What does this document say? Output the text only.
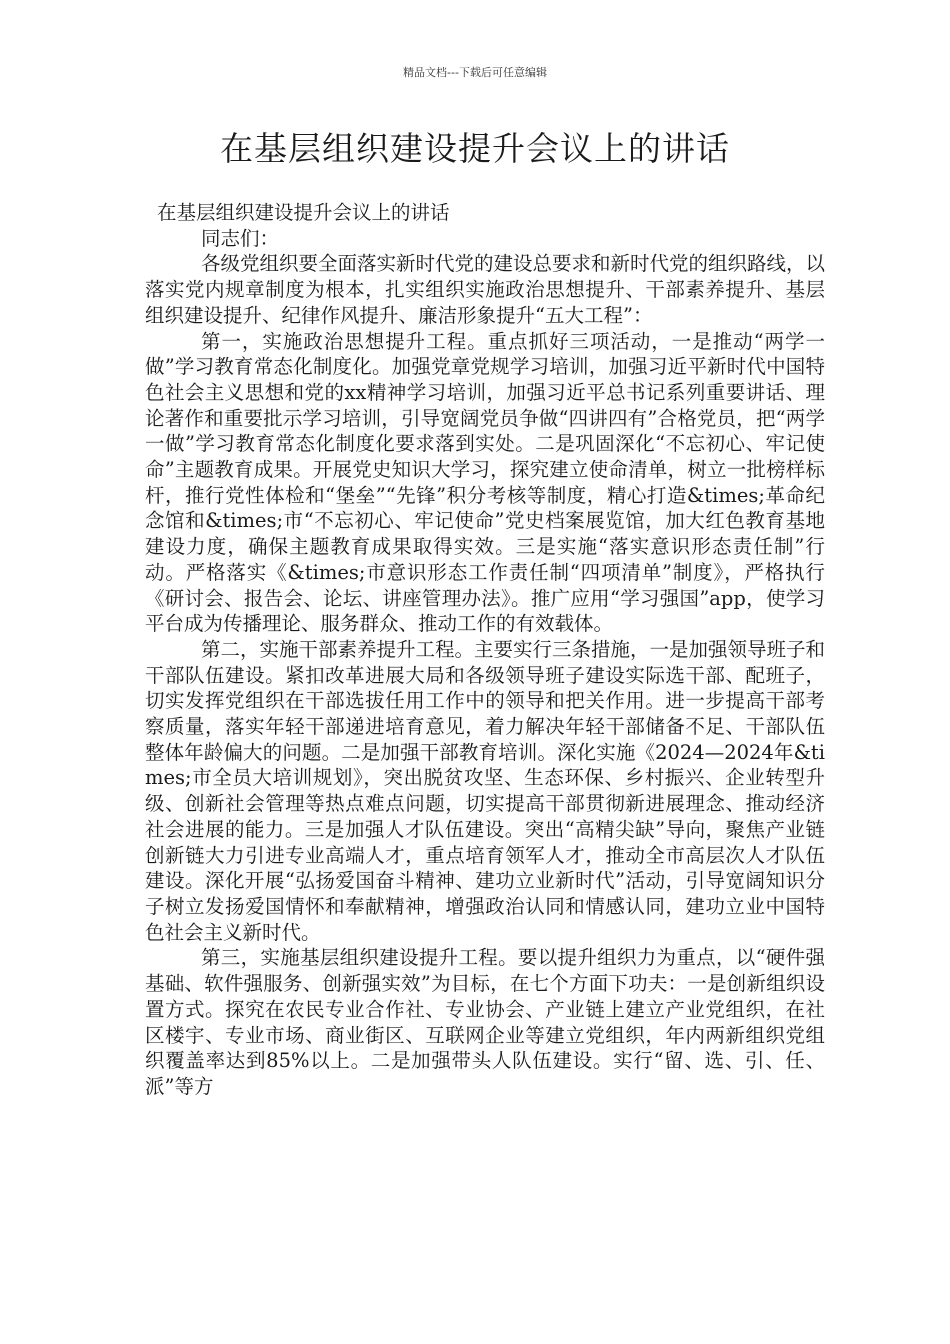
精品文档---下载后可任意编辑
在基层组织建设提升会议上的讲话

在基层组织建设提升会议上的讲话

同志们：

各级党组织要全面落实新时代党的建设总要求和新时代党的组织路线，以落实党内规章制度为根本，扎实组织实施政治思想提升、干部素养提升、基层组织建设提升、纪律作风提升、廉洁形象提升“五大工程”：

第一，实施政治思想提升工程。重点抓好三项活动，一是推动“两学一做”学习教育常态化制度化。加强党章党规学习培训，加强习近平新时代中国特色社会主义思想和党的xx精神学习培训，加强习近平总书记系列重要讲话、理论著作和重要批示学习培训，引导宽阔党员争做“四讲四有”合格党员，把“两学一做”学习教育常态化制度化要求落到实处。二是巩固深化“不忘初心、牢记使命”主题教育成果。开展党史知识大学习，探究建立使命清单，树立一批榜样标杆，推行党性体检和“堡垒”“先锋”积分考核等制度，精心打造&times;革命纪念馆和&times;市“不忘初心、牢记使命”党史档案展览馆，加大红色教育基地建设力度，确保主题教育成果取得实效。三是实施“落实意识形态责任制”行动。严格落实《&times;市意识形态工作责任制“四项清单”制度》，严格执行《研讨会、报告会、论坛、讲座管理办法》。推广应用“学习强国”app，使学习平台成为传播理论、服务群众、推动工作的有效载体。

第二，实施干部素养提升工程。主要实行三条措施，一是加强领导班子和干部队伍建设。紧扣改革进展大局和各级领导班子建设实际选干部、配班子，切实发挥党组织在干部选拔任用工作中的领导和把关作用。进一步提高干部考察质量，落实年轻干部递进培育意见，着力解决年轻干部储备不足、干部队伍整体年龄偏大的问题。二是加强干部教育培训。深化实施《2024—2024年&times;市全员大培训规划》，突出脱贫攻坚、生态环保、乡村振兴、企业转型升级、创新社会管理等热点难点问题，切实提高干部贯彻新进展理念、推动经济社会进展的能力。三是加强人才队伍建设。突出“高精尖缺”导向，聚焦产业链创新链大力引进专业高端人才，重点培育领军人才，推动全市高层次人才队伍建设。深化开展“弘扬爱国奋斗精神、建功立业新时代”活动，引导宽阔知识分子树立发扬爱国情怀和奉献精神，增强政治认同和情感认同，建功立业中国特色社会主义新时代。

第三，实施基层组织建设提升工程。要以提升组织力为重点，以“硬件强基础、软件强服务、创新强实效”为目标，在七个方面下功夫：一是创新组织设置方式。探究在农民专业合作社、专业协会、产业链上建立产业党组织，在社区楼宇、专业市场、商业街区、互联网企业等建立党组织，年内两新组织党组织覆盖率达到85%以上。二是加强带头人队伍建设。实行“留、选、引、任、派”等方
